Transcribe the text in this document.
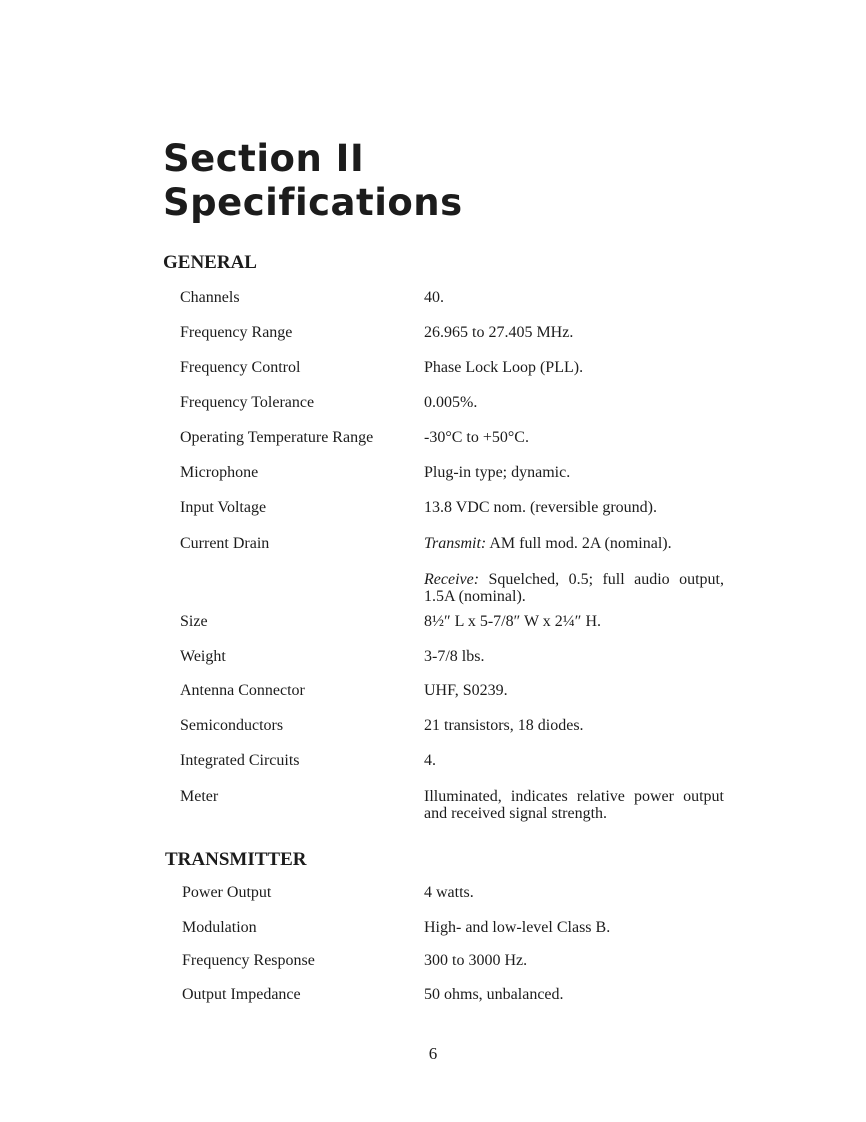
Section II
Specifications
GENERAL
TRANSMITTER
Channels	40.
Frequency Range	26.965 to 27.405 MHz.
Frequency Control	Phase Lock Loop (PLL).
Frequency Tolerance	0.005%.
Operating Temperature Range	-30°C to +50°C.
Microphone	Plug-in type; dynamic.
Input Voltage	13.8 VDC nom. (reversible ground).
Current Drain	Transmit: AM full mod. 2A (nominal).
Receive: Squelched, 0.5; full audio output, 1.5A (nominal).
Size	8½″ L x 5-7/8″ W x 2¼″ H.
Weight	3-7/8 lbs.
Antenna Connector	UHF, S0239.
Semiconductors	21 transistors, 18 diodes.
Integrated Circuits	4.
Meter	Illuminated, indicates relative power output and received signal strength.
Power Output	4 watts.
Modulation	High- and low-level Class B.
Frequency Response	300 to 3000 Hz.
Output Impedance	50 ohms, unbalanced.
6
